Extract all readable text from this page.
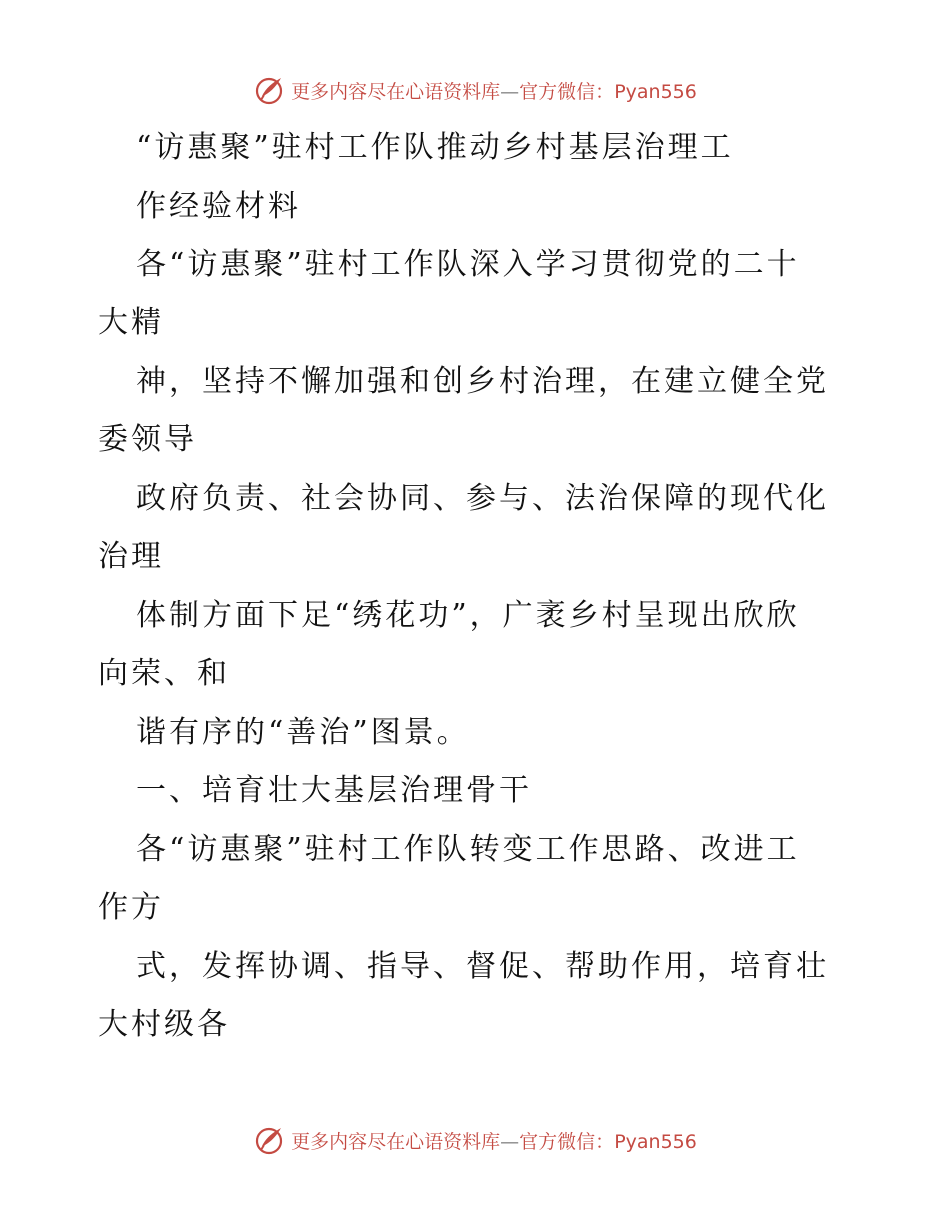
更多内容尽在心语资料库—官方微信：Pyan556
“访惠聚”驻村工作队推动乡村基层治理工
作经验材料
各“访惠聚”驻村工作队深入学习贯彻党的二十
大精
神，坚持不懈加强和创乡村治理，在建立健全党
委领导
政府负责、社会协同、参与、法治保障的现代化
治理
体制方面下足“绣花功”，广袤乡村呈现出欣欣
向荣、和
谐有序的“善治”图景。
一、培育壮大基层治理骨干
各“访惠聚”驻村工作队转变工作思路、改进工
作方
式，发挥协调、指导、督促、帮助作用，培育壮
大村级各
更多内容尽在心语资料库—官方微信：Pyan556
